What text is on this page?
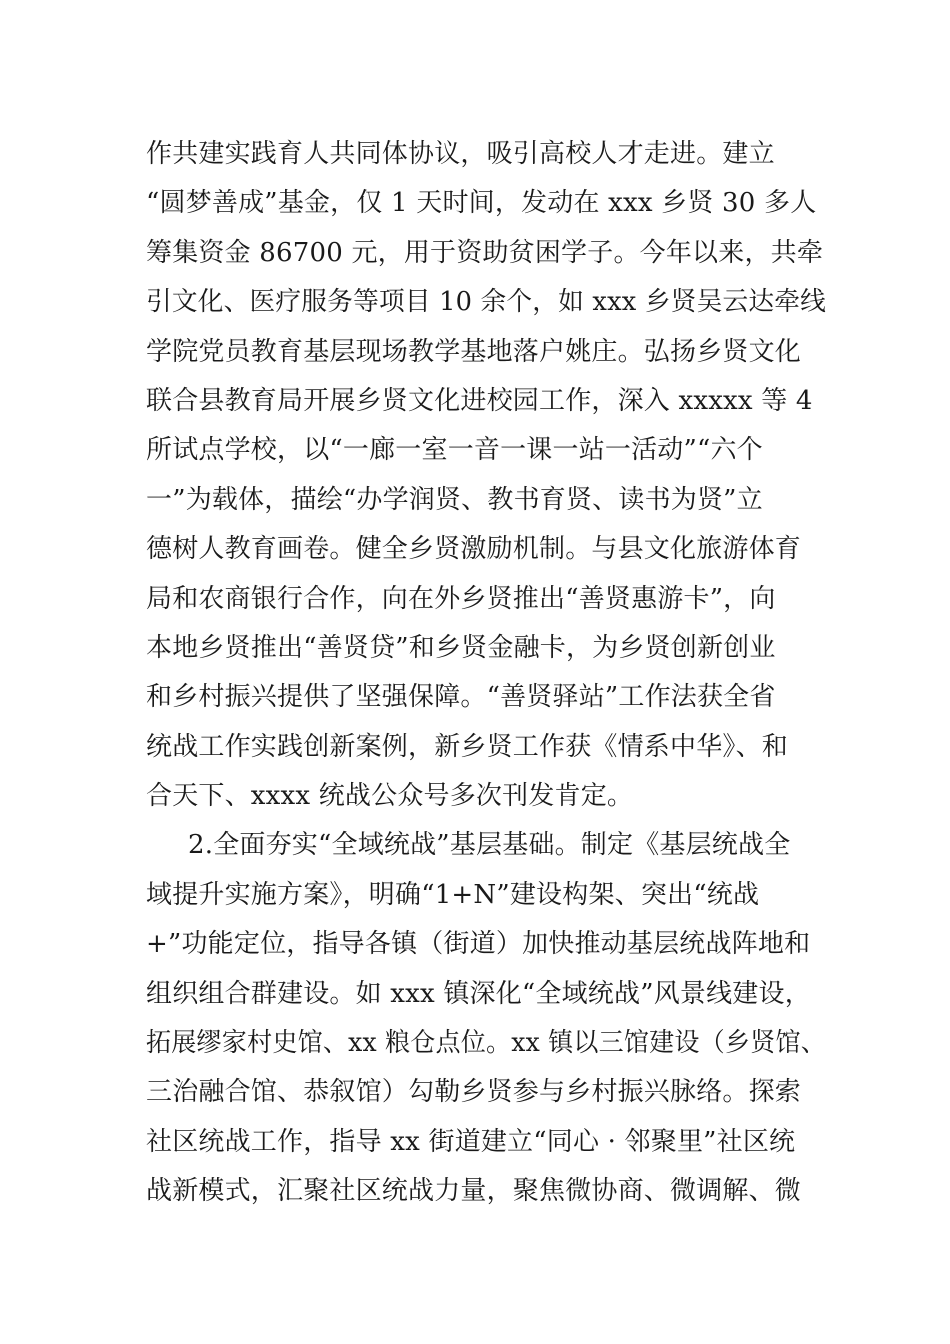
作共建实践育人共同体协议，吸引高校人才走进。建立
“圆梦善成”基金，仅 1 天时间，发动在 xxx 乡贤 30 多人
筹集资金 86700 元，用于资助贫困学子。今年以来，共牵
引文化、医疗服务等项目 10 余个，如 xxx 乡贤吴云达牵线
学院党员教育基层现场教学基地落户姚庄。弘扬乡贤文化
联合县教育局开展乡贤文化进校园工作，深入 xxxxx 等 4
所试点学校，以“一廊一室一音一课一站一活动”“六个
一”为载体，描绘“办学润贤、教书育贤、读书为贤”立
德树人教育画卷。健全乡贤激励机制。与县文化旅游体育
局和农商银行合作，向在外乡贤推出“善贤惠游卡”，向
本地乡贤推出“善贤贷”和乡贤金融卡，为乡贤创新创业
和乡村振兴提供了坚强保障。“善贤驿站”工作法获全省
统战工作实践创新案例，新乡贤工作获《情系中华》、和
合天下、xxxx 统战公众号多次刊发肯定。
2.全面夯实“全域统战”基层基础。制定《基层统战全
域提升实施方案》，明确“1+N”建设构架、突出“统战
+”功能定位，指导各镇（街道）加快推动基层统战阵地和
组织组合群建设。如 xxx 镇深化“全域统战”风景线建设，
拓展缪家村史馆、xx 粮仓点位。xx 镇以三馆建设（乡贤馆、
三治融合馆、恭叙馆）勾勒乡贤参与乡村振兴脉络。探索
社区统战工作，指导 xx 街道建立“同心 · 邻聚里”社区统
战新模式，汇聚社区统战力量，聚焦微协商、微调解、微
